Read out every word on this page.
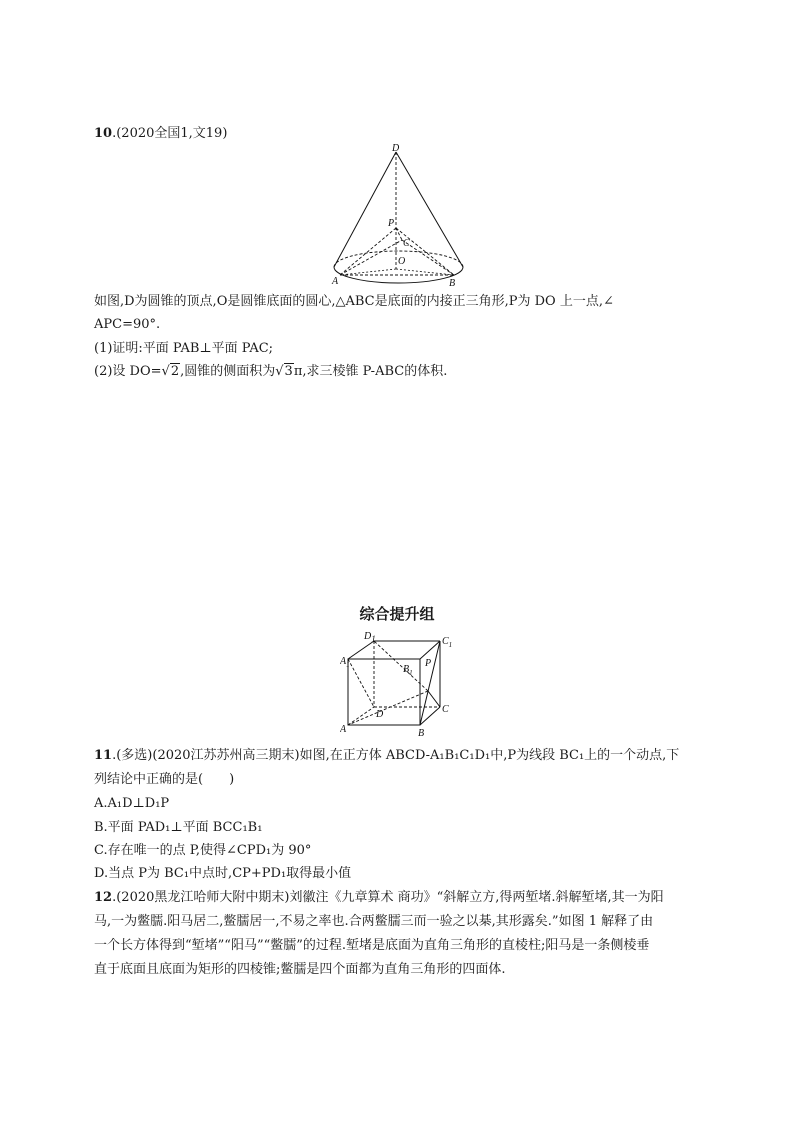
10.(2020全国1,文19)
D
P
C
O
A	B
如图,D为圆锥的顶点,O是圆锥底面的圆心,△ABC是底面的内接正三角形,P为 DO 上一点,∠
APC=90°.
(1)证明:平面 PAB⊥平面 PAC;
(2)设 DO=√2,圆锥的侧面积为√3π,求三棱锥 P-ABC的体积.
综合提升组
D1
$A_1$
$C_1$
$B_1$
P
A	B
C
D
11.(多选)(2020江苏苏州高三期末)如图,在正方体 ABCD-A₁B₁C₁D₁中,P为线段 BC₁上的一个动点,下
列结论中正确的是(　　)
A.A₁D⊥D₁P
B.平面 PAD₁⊥平面 BCC₁B₁
C.存在唯一的点 P,使得∠CPD₁为 90°
D.当点 P为 BC₁中点时,CP+PD₁取得最小值
12.(2020黑龙江哈师大附中期末)刘徽注《九章算术 商功》“斜解立方,得两堑堵.斜解堑堵,其一为阳
马,一为鳖臑.阳马居二,鳖臑居一,不易之率也.合两鳖臑三而一验之以棊,其形露矣.”如图 1 解释了由
一个长方体得到“堑堵”“阳马”“鳖臑”的过程.堑堵是底面为直角三角形的直棱柱;阳马是一条侧棱垂
直于底面且底面为矩形的四棱锥;鳖臑是四个面都为直角三角形的四面体.
